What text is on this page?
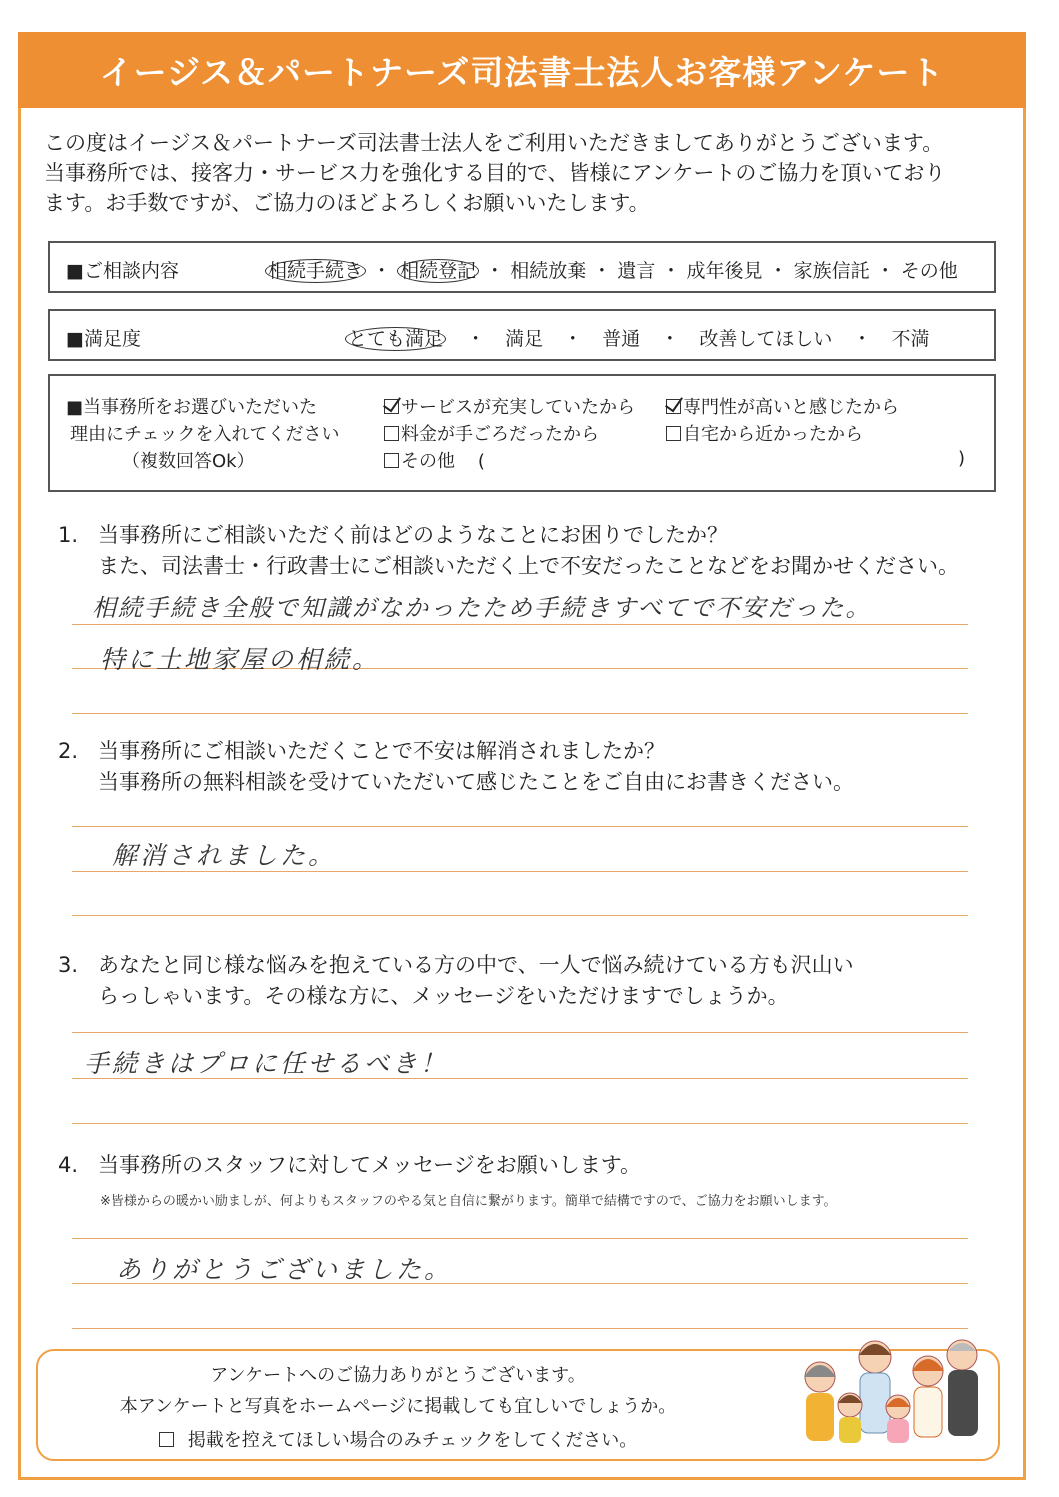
イージス＆パートナーズ司法書士法人お客様アンケート
この度はイージス＆パートナーズ司法書士法人をご利用いただきましてありがとうございます。
当事務所では、接客力・サービス力を強化する目的で、皆様にアンケートのご協力を頂いており
ます。お手数ですが、ご協力のほどよろしくお願いいたします。
■ご相談内容	相続手続き ・ 相続登記 ・ 相続放棄 ・ 遺言 ・ 成年後見 ・ 家族信託 ・ その他
■満足度	とても満足 ・ 満足 ・ 普通 ・ 改善してほしい ・ 不満
■当事務所をお選びいただいた
理由にチェックを入れてください
（複数回答Ok）
サービスが充実していたから
料金が手ごろだったから
その他 (
専門性が高いと感じたから
自宅から近かったから
)
1. 当事務所にご相談いただく前はどのようなことにお困りでしたか？
また、司法書士・行政書士にご相談いただく上で不安だったことなどをお聞かせください。
相続手続き全般で知識がなかったため手続きすべてで不安だった。
特に土地家屋の相続。
2. 当事務所にご相談いただくことで不安は解消されましたか？
当事務所の無料相談を受けていただいて感じたことをご自由にお書きください。
解消されました。
3. あなたと同じ様な悩みを抱えている方の中で、一人で悩み続けている方も沢山い
らっしゃいます。その様な方に、メッセージをいただけますでしょうか。
手続きはプロに任せるべき！
4. 当事務所のスタッフに対してメッセージをお願いします。
※皆様からの暖かい励ましが、何よりもスタッフのやる気と自信に繋がります。簡単で結構ですので、ご協力をお願いします。
ありがとうございました。
アンケートへのご協力ありがとうございます。
本アンケートと写真をホームページに掲載しても宜しいでしょうか。
掲載を控えてほしい場合のみチェックをしてください。
